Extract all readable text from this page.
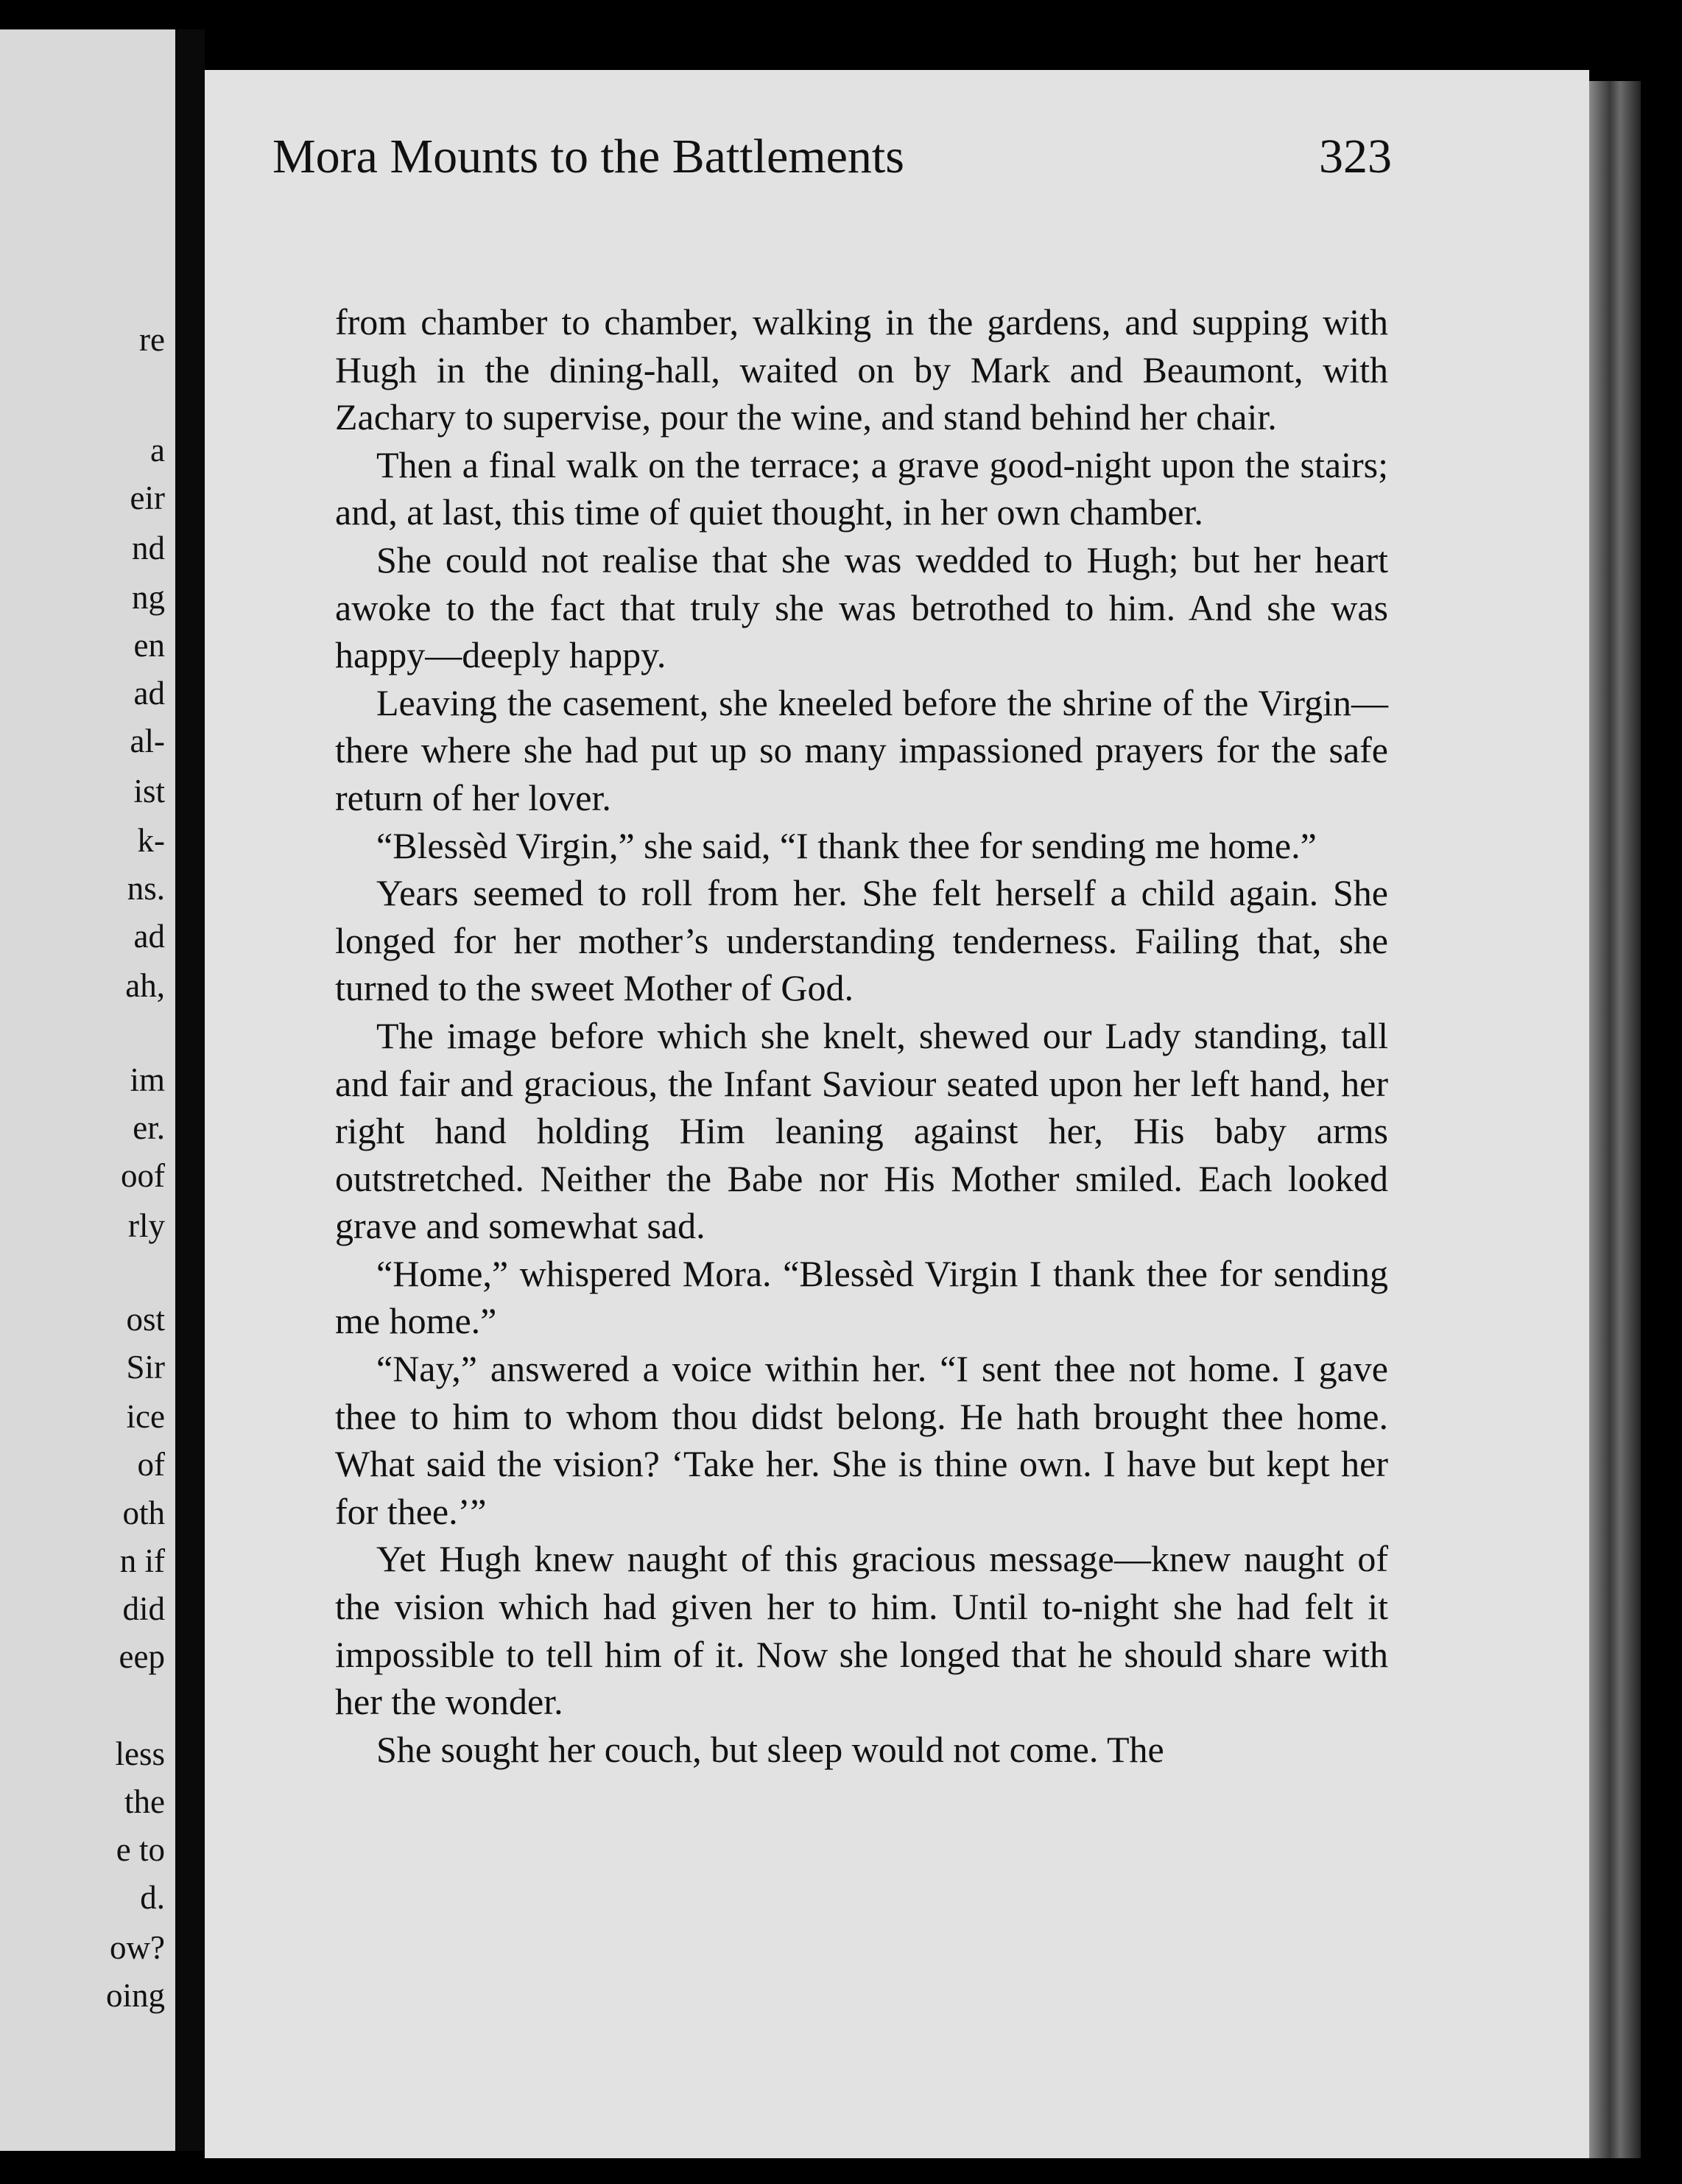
re
a
eir
nd
ng
en
ad
al-
ist
k-
ns.
ad
ah,
im
er.
oof
rly
ost
Sir
ice
of
oth
n if
did
eep
less
the
e to
d.
ow?
oing
Mora Mounts to the Battlements	323

from chamber to chamber, walking in the gardens, and supping with Hugh in the dining-hall, waited on by Mark and Beaumont, with Zachary to supervise, pour the wine, and stand behind her chair.

Then a final walk on the terrace; a grave good-night upon the stairs; and, at last, this time of quiet thought, in her own chamber.

She could not realise that she was wedded to Hugh; but her heart awoke to the fact that truly she was betrothed to him. And she was happy—deeply happy.

Leaving the casement, she kneeled before the shrine of the Virgin—there where she had put up so many impassioned prayers for the safe return of her lover.

“Blessèd Virgin,” she said, “I thank thee for sending me home.”

Years seemed to roll from her. She felt herself a child again. She longed for her mother’s understanding tenderness. Failing that, she turned to the sweet Mother of God.

The image before which she knelt, shewed our Lady standing, tall and fair and gracious, the Infant Saviour seated upon her left hand, her right hand holding Him leaning against her, His baby arms outstretched. Neither the Babe nor His Mother smiled. Each looked grave and somewhat sad.

“Home,” whispered Mora. “Blessèd Virgin I thank thee for sending me home.”

“Nay,” answered a voice within her. “I sent thee not home. I gave thee to him to whom thou didst belong. He hath brought thee home. What said the vision? ‘Take her. She is thine own. I have but kept her for thee.’”

Yet Hugh knew naught of this gracious message—knew naught of the vision which had given her to him. Until to-night she had felt it impossible to tell him of it. Now she longed that he should share with her the wonder.

She sought her couch, but sleep would not come. The
